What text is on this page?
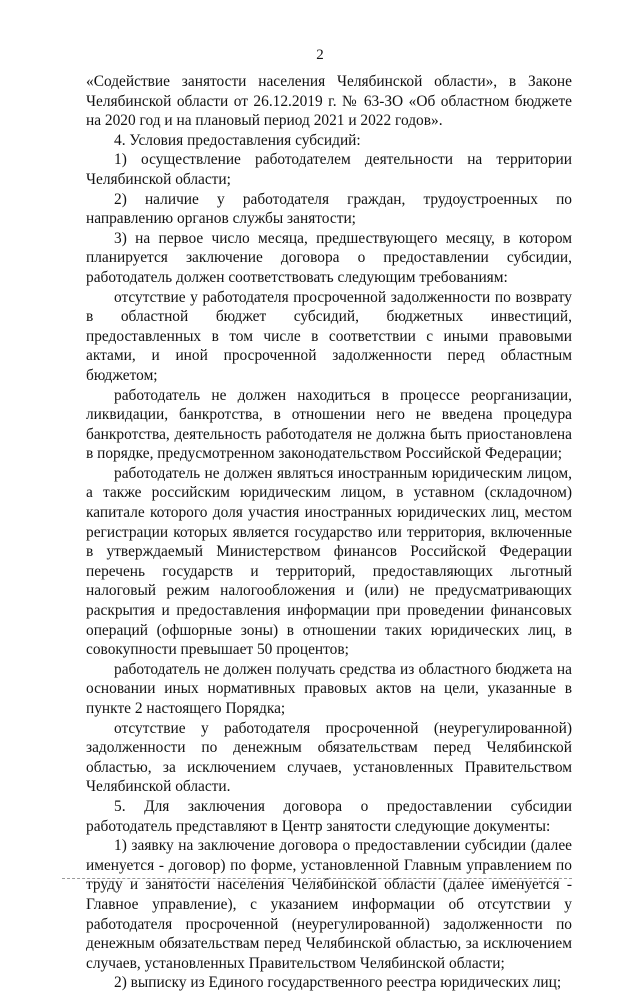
2

«Содействие занятости населения Челябинской области», в Законе Челябинской области от 26.12.2019 г. № 63-ЗО «Об областном бюджете на 2020 год и на плановый период 2021 и 2022 годов».

4. Условия предоставления субсидий:

1) осуществление работодателем деятельности на территории Челябинской области;

2) наличие у работодателя граждан, трудоустроенных по направлению органов службы занятости;

3) на первое число месяца, предшествующего месяцу, в котором планируется заключение договора о предоставлении субсидии, работодатель должен соответствовать следующим требованиям:

отсутствие у работодателя просроченной задолженности по возврату в областной бюджет субсидий, бюджетных инвестиций, предоставленных в том числе в соответствии с иными правовыми актами, и иной просроченной задолженности перед областным бюджетом;

работодатель не должен находиться в процессе реорганизации, ликвидации, банкротства, в отношении него не введена процедура банкротства, деятельность работодателя не должна быть приостановлена в порядке, предусмотренном законодательством Российской Федерации;

работодатель не должен являться иностранным юридическим лицом, а также российским юридическим лицом, в уставном (складочном) капитале которого доля участия иностранных юридических лиц, местом регистрации которых является государство или территория, включенные в утверждаемый Министерством финансов Российской Федерации перечень государств и территорий, предоставляющих льготный налоговый режим налогообложения и (или) не предусматривающих раскрытия и предоставления информации при проведении финансовых операций (офшорные зоны) в отношении таких юридических лиц, в совокупности превышает 50 процентов;

работодатель не должен получать средства из областного бюджета на основании иных нормативных правовых актов на цели, указанные в пункте 2 настоящего Порядка;

отсутствие у работодателя просроченной (неурегулированной) задолженности по денежным обязательствам перед Челябинской областью, за исключением случаев, установленных Правительством Челябинской области.

5. Для заключения договора о предоставлении субсидии работодатель представляют в Центр занятости следующие документы:

1) заявку на заключение договора о предоставлении субсидии (далее именуется - договор) по форме, установленной Главным управлением по труду и занятости населения Челябинской области (далее именуется - Главное управление), с указанием информации об отсутствии у работодателя просроченной (неурегулированной) задолженности по денежным обязательствам перед Челябинской областью, за исключением случаев, установленных Правительством Челябинской области;

2) выписку из Единого государственного реестра юридических лиц;
